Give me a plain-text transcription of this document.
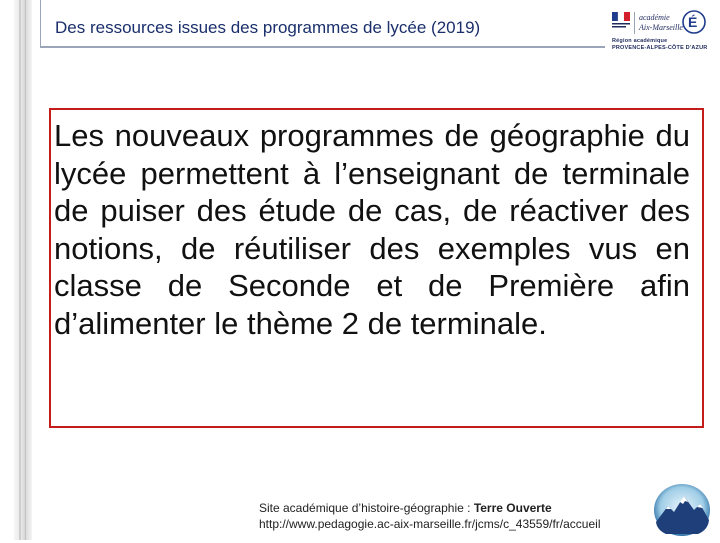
Des ressources issues des programmes de lycée (2019)
académie
Aix-Marseille É
Région académique
PROVENCE-ALPES-CÔTE D'AZUR
Les nouveaux programmes de géographie du lycée permettent à l’enseignant de terminale de puiser des étude de cas, de réactiver des notions, de réutiliser des exemples vus en classe de Seconde et de Première afin d’alimenter le thème 2 de terminale.
Site académique d’histoire-géographie : Terre Ouverte
http://www.pedagogie.ac-aix-marseille.fr/jcms/c_43559/fr/accueil
